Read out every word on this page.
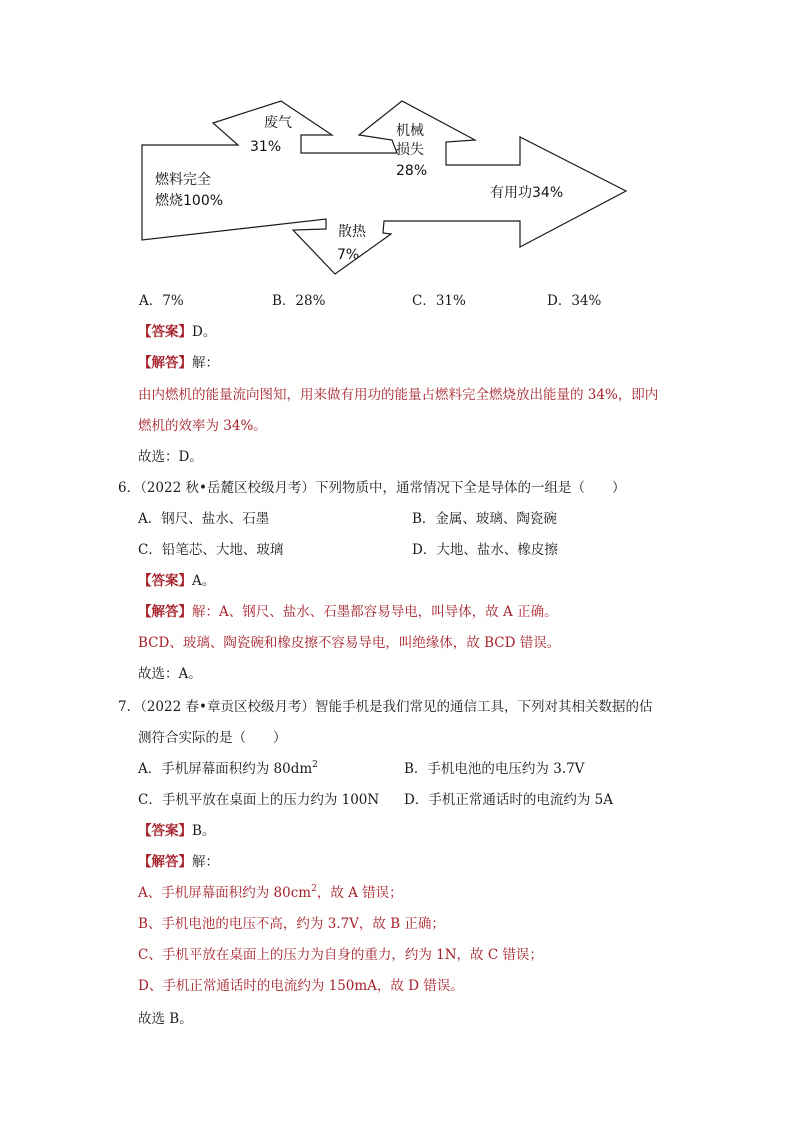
燃料完全
燃烧100%
废气
31%
机械
损失
28%
有用功34%
散热
7%
A．7%	B．28%	C．31%	D．34%
【答案】D。
【解答】解：
由内燃机的能量流向图知，用来做有用功的能量占燃料完全燃烧放出能量的 34%，即内
燃机的效率为 34%。
故选：D。
6．（2022 秋•岳麓区校级月考）下列物质中，通常情况下全是导体的一组是（　　）
A．钢尺、盐水、石墨	B．金属、玻璃、陶瓷碗
C．铅笔芯、大地、玻璃	D．大地、盐水、橡皮擦
【答案】A。
【解答】解：A、钢尺、盐水、石墨都容易导电，叫导体，故 A 正确。
BCD、玻璃、陶瓷碗和橡皮擦不容易导电，叫绝缘体，故 BCD 错误。
故选：A。
7．（2022 春•章贡区校级月考）智能手机是我们常见的通信工具，下列对其相关数据的估
测符合实际的是（　　）
A．手机屏幕面积约为 $80dm^2$	B．手机电池的电压约为 3.7V
C．手机平放在桌面上的压力约为 100N D．手机正常通话时的电流约为 5A
【答案】B。
【解答】解：
A、手机屏幕面积约为 $80cm^2$，故 A 错误；
B、手机电池的电压不高，约为 3.7V，故 B 正确；
C、手机平放在桌面上的压力为自身的重力，约为 1N，故 C 错误；
D、手机正常通话时的电流约为 150mA，故 D 错误。
故选 B。
